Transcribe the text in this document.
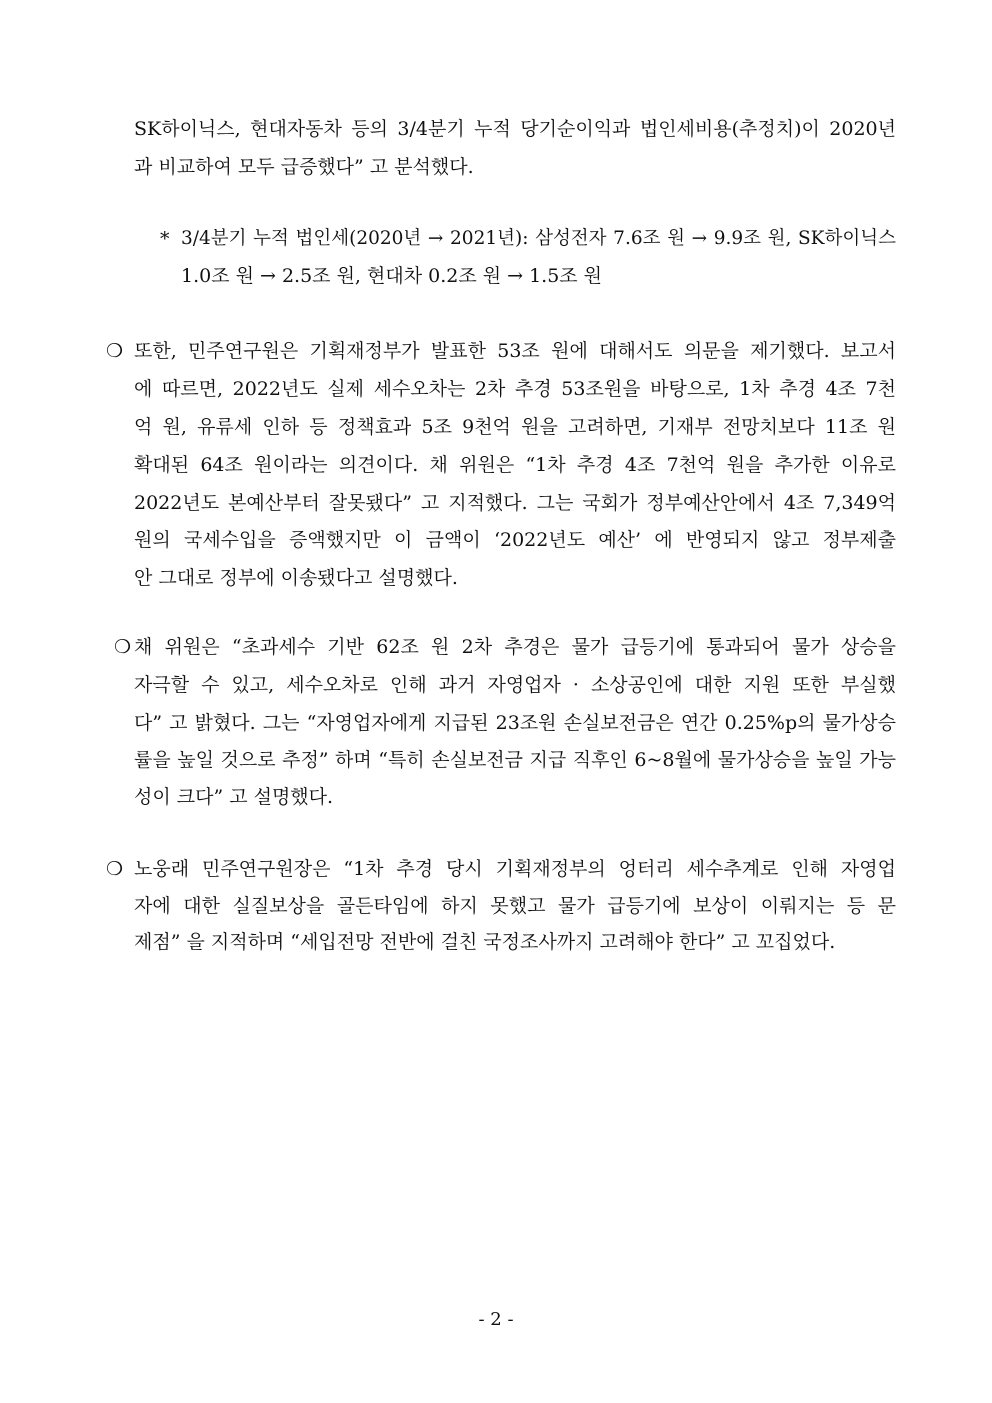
SK하이닉스, 현대자동차 등의 3/4분기 누적 당기순이익과 법인세비용(추정치)이 2020년
과 비교하여 모두 급증했다” 고 분석했다.
* 3/4분기 누적 법인세(2020년 → 2021년): 삼성전자 7.6조 원 → 9.9조 원, SK하이닉스
1.0조 원 → 2.5조 원, 현대차 0.2조 원 → 1.5조 원
❍ 또한, 민주연구원은 기획재정부가 발표한 53조 원에 대해서도 의문을 제기했다. 보고서
에 따르면, 2022년도 실제 세수오차는 2차 추경 53조원을 바탕으로, 1차 추경 4조 7천
억 원, 유류세 인하 등 정책효과 5조 9천억 원을 고려하면, 기재부 전망치보다 11조 원
확대된 64조 원이라는 의견이다. 채 위원은 “1차 추경 4조 7천억 원을 추가한 이유로
2022년도 본예산부터 잘못됐다” 고 지적했다. 그는 국회가 정부예산안에서 4조 7,349억
원의 국세수입을 증액했지만 이 금액이 ‘2022년도 예산’ 에 반영되지 않고 정부제출
안 그대로 정부에 이송됐다고 설명했다.
❍ 채 위원은 “초과세수 기반 62조 원 2차 추경은 물가 급등기에 통과되어 물가 상승을
자극할 수 있고, 세수오차로 인해 과거 자영업자 · 소상공인에 대한 지원 또한 부실했
다” 고 밝혔다. 그는 “자영업자에게 지급된 23조원 손실보전금은 연간 0.25%p의 물가상승
률을 높일 것으로 추정” 하며 “특히 손실보전금 지급 직후인 6~8월에 물가상승을 높일 가능
성이 크다” 고 설명했다.
❍ 노웅래 민주연구원장은 “1차 추경 당시 기획재정부의 엉터리 세수추계로 인해 자영업
자에 대한 실질보상을 골든타임에 하지 못했고 물가 급등기에 보상이 이뤄지는 등 문
제점” 을 지적하며 “세입전망 전반에 걸친 국정조사까지 고려해야 한다” 고 꼬집었다.
- 2 -
